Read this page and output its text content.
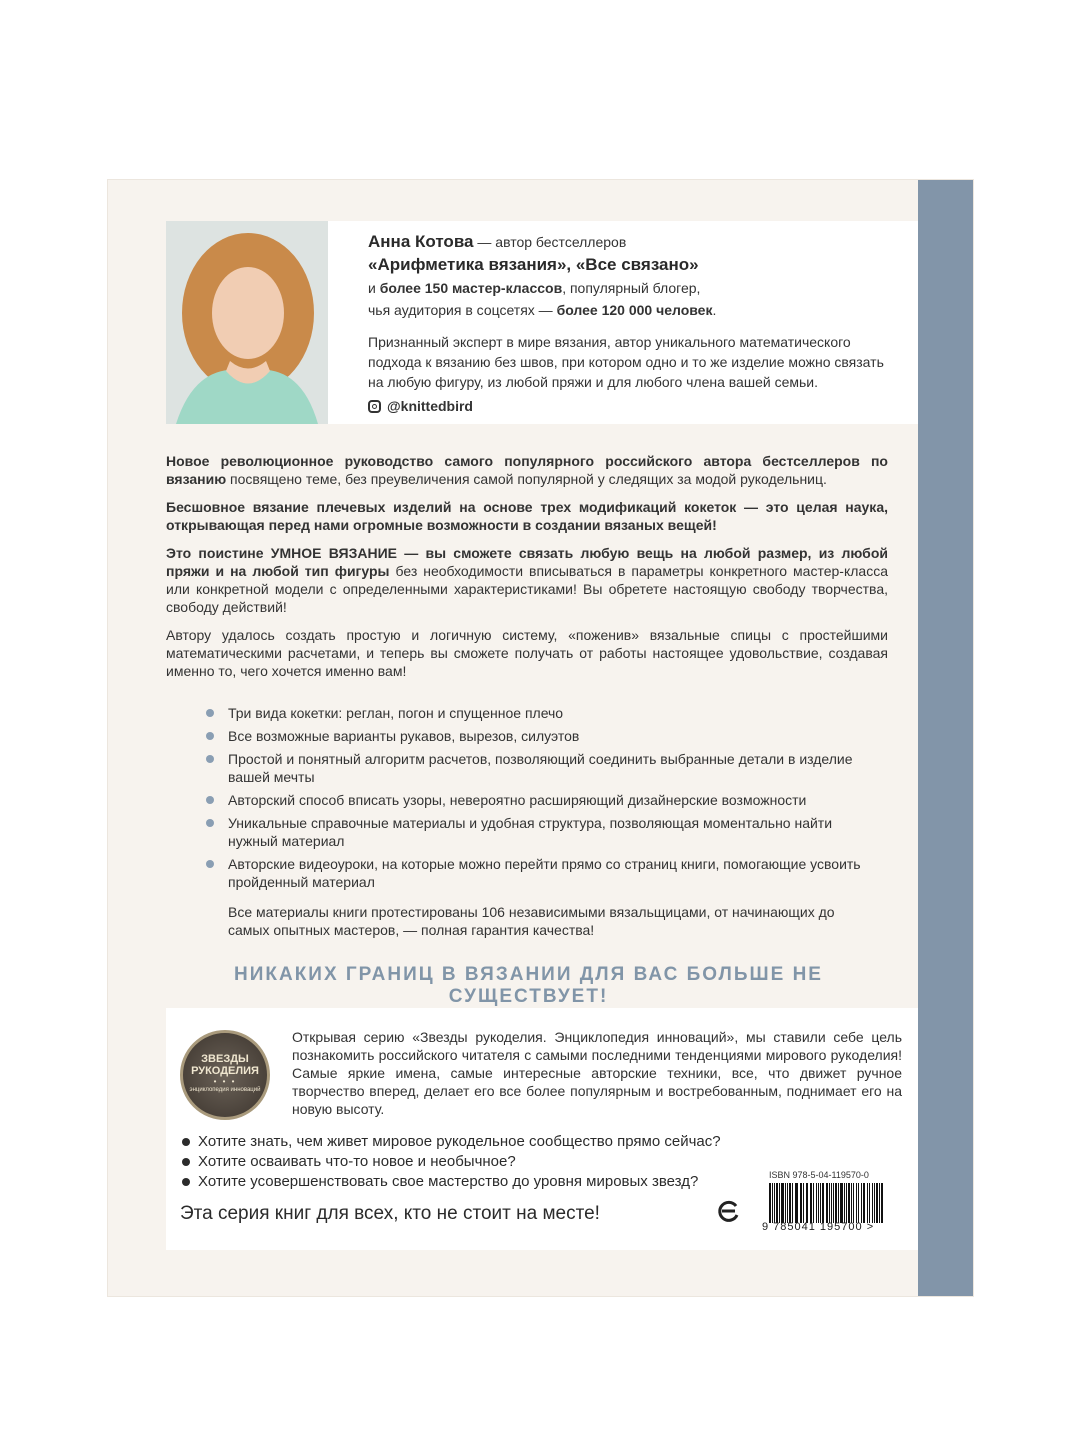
Анна Котова — автор бестселлеров
«Арифметика вязания», «Все связано»
и более 150 мастер-классов, популярный блогер,
чья аудитория в соцсетях — более 120 000 человек.
Признанный эксперт в мире вязания, автор уникального математического подхода к вязанию без швов, при котором одно и то же изделие можно связать на любую фигуру, из любой пряжи и для любого члена вашей семьи.
@knittedbird

Новое революционное руководство самого популярного российского автора бестселлеров по вязанию посвящено теме, без преувеличения самой популярной у следящих за модой рукодельниц.

Бесшовное вязание плечевых изделий на основе трех модификаций кокеток — это целая наука, открывающая перед нами огромные возможности в создании вязаных вещей!

Это поистине УМНОЕ ВЯЗАНИЕ — вы сможете связать любую вещь на любой размер, из любой пряжи и на любой тип фигуры без необходимости вписываться в параметры конкретного мастер-класса или конкретной модели с определенными характеристиками! Вы обретете настоящую свободу творчества, свободу действий!

Автору удалось создать простую и логичную систему, «поженив» вязальные спицы с простейшими математическими расчетами, и теперь вы сможете получать от работы настоящее удовольствие, создавая именно то, чего хочется именно вам!

Три вида кокетки: реглан, погон и спущенное плечо
Все возможные варианты рукавов, вырезов, силуэтов
Простой и понятный алгоритм расчетов, позволяющий соединить выбранные детали в изделие вашей мечты
Авторский способ вписать узоры, невероятно расширяющий дизайнерские возможности
Уникальные справочные материалы и удобная структура, позволяющая моментально найти нужный материал
Авторские видеоуроки, на которые можно перейти прямо со страниц книги, помогающие усвоить пройденный материал
Все материалы книги протестированы 106 независимыми вязальщицами, от начинающих до самых опытных мастеров, — полная гарантия качества!
НИКАКИХ ГРАНИЦ В ВЯЗАНИИ ДЛЯ ВАС БОЛЬШЕ НЕ СУЩЕСТВУЕТ!
ЗВЕЗДЫ
РУКОДЕЛИЯ
• • •
энциклопедия инноваций
Открывая серию «Звезды рукоделия. Энциклопедия инноваций», мы ставили себе цель познакомить российского читателя с самыми последними тенденциями мирового рукоделия! Самые яркие имена, самые интересные авторские техники, все, что движет ручное творчество вперед, делает его все более популярным и востребованным, поднимает его на новую высоту.
Хотите знать, чем живет мировое рукодельное сообщество прямо сейчас?
Хотите осваивать что-то новое и необычное?
Хотите усовершенствовать свое мастерство до уровня мировых звезд?
Эта серия книг для всех, кто не стоит на месте!
ISBN 978-5-04-119570-0
9 785041 195700 >
